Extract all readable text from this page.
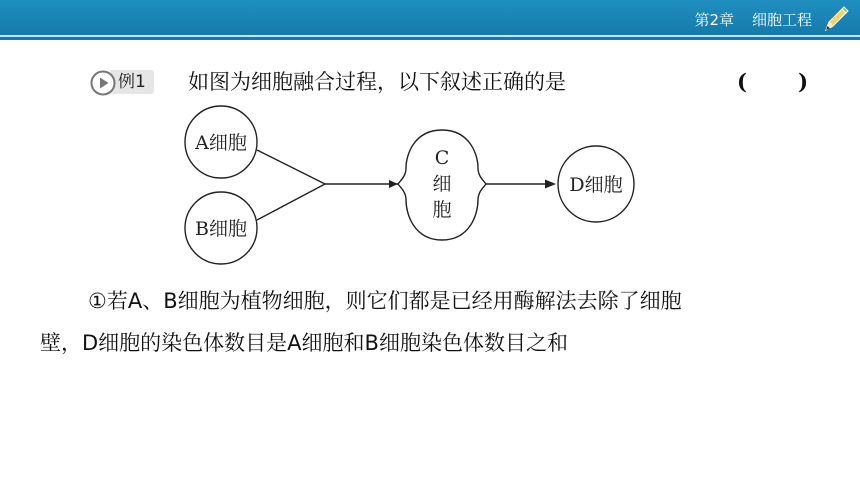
第2章 细胞工程
例1	如图为细胞融合过程，以下叙述正确的是	(       )
A细胞
B细胞
C
细
胞
D细胞
①若A、B细胞为植物细胞，则它们都是已经用酶解法去除了细胞
壁，D细胞的染色体数目是A细胞和B细胞染色体数目之和
